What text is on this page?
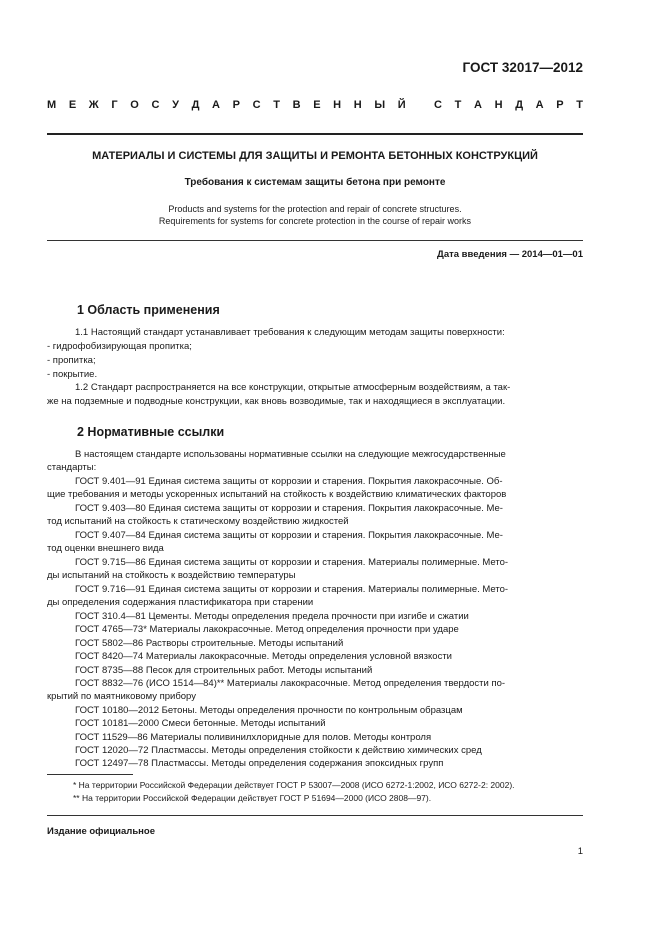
ГОСТ 32017—2012
М Е Ж Г О С У Д А Р С Т В Е Н Н Ы Й
	С Т А Н Д А Р Т
МАТЕРИАЛЫ И СИСТЕМЫ ДЛЯ ЗАЩИТЫ И РЕМОНТА БЕТОННЫХ КОНСТРУКЦИЙ
Требования к системам защиты бетона при ремонте
Products and systems for the protection and repair of concrete structures.
Requirements for systems for concrete protection in the course of repair works
Дата введения — 2014—01—01
1 Область применения
1.1 Настоящий стандарт устанавливает требования к следующим методам защиты поверхности:
- гидрофобизирующая пропитка;
- пропитка;
- покрытие.
1.2 Стандарт распространяется на все конструкции, открытые атмосферным воздействиям, а так-
же на подземные и подводные конструкции, как вновь возводимые, так и находящиеся в эксплуатации.
2 Нормативные ссылки
В настоящем стандарте использованы нормативные ссылки на следующие межгосударственные
стандарты:
ГОСТ 9.401—91 Единая система защиты от коррозии и старения. Покрытия лакокрасочные. Об-
щие требования и методы ускоренных испытаний на стойкость к воздействию климатических факторов
ГОСТ 9.403—80 Единая система защиты от коррозии и старения. Покрытия лакокрасочные. Ме-
тод испытаний на стойкость к статическому воздействию жидкостей
ГОСТ 9.407—84 Единая система защиты от коррозии и старения. Покрытия лакокрасочные. Ме-
тод оценки внешнего вида
ГОСТ 9.715—86 Единая система защиты от коррозии и старения. Материалы полимерные. Мето-
ды испытаний на стойкость к воздействию температуры
ГОСТ 9.716—91 Единая система защиты от коррозии и старения. Материалы полимерные. Мето-
ды определения содержания пластификатора при старении
ГОСТ 310.4—81 Цементы. Методы определения предела прочности при изгибе и сжатии
ГОСТ 4765—73* Материалы лакокрасочные. Метод определения прочности при ударе
ГОСТ 5802—86 Растворы строительные. Методы испытаний
ГОСТ 8420—74 Материалы лакокрасочные. Методы определения условной вязкости
ГОСТ 8735—88 Песок для строительных работ. Методы испытаний
ГОСТ 8832—76 (ИСО 1514—84)** Материалы лакокрасочные. Метод определения твердости по-
крытий по маятниковому прибору
ГОСТ 10180—2012 Бетоны. Методы определения прочности по контрольным образцам
ГОСТ 10181—2000 Смеси бетонные. Методы испытаний
ГОСТ 11529—86 Материалы поливинилхлоридные для полов. Методы контроля
ГОСТ 12020—72 Пластмассы. Методы определения стойкости к действию химических сред
ГОСТ 12497—78 Пластмассы. Методы определения содержания эпоксидных групп
* На территории Российской Федерации действует ГОСТ Р 53007—2008 (ИСО 6272-1:2002, ИСО 6272-2: 2002).
** На территории Российской Федерации действует ГОСТ Р 51694—2000 (ИСО 2808—97).
Издание официальное
1
